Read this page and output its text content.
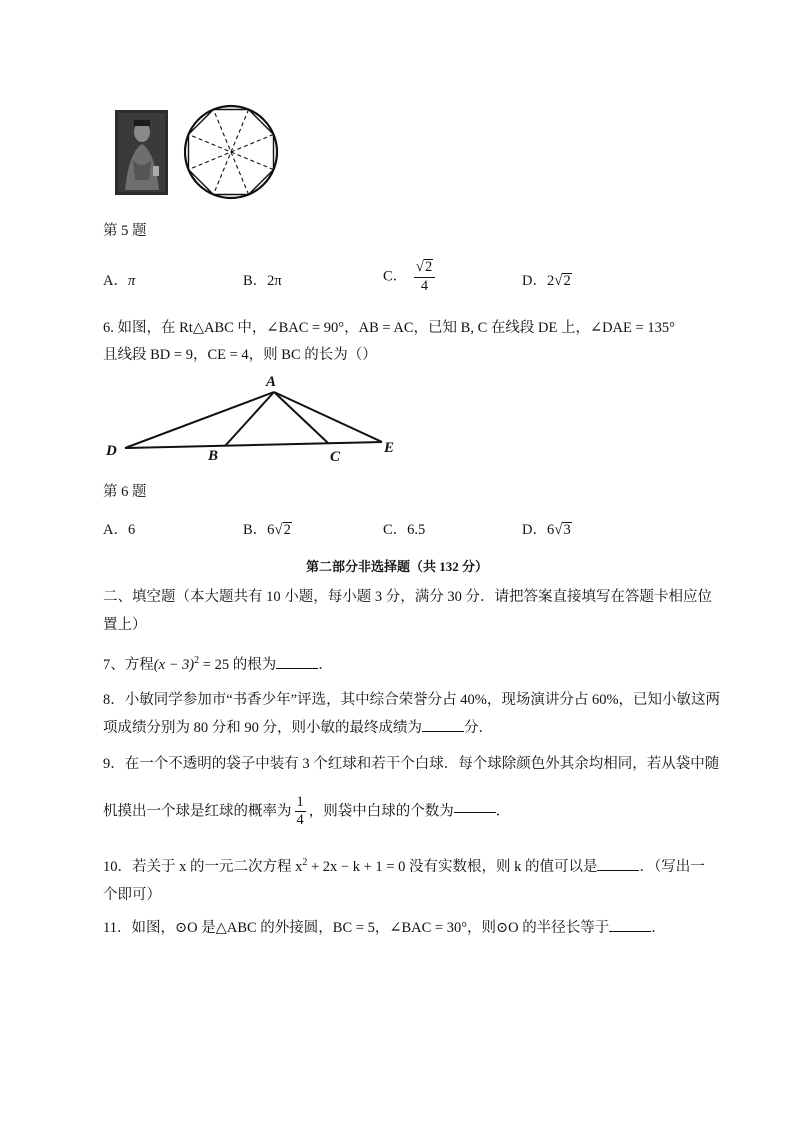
第 5 题
A．π	B．2π	C． $\frac{√2}{4}$	D．2√2
6. 如图，在 Rt△ABC 中，∠BAC = 90°，AB = AC，已知 B, C 在线段 DE 上，∠DAE = 135°
且线段 BD = 9，CE = 4，则 BC 的长为（）
A
D	B	C
E
第 6 题
A．6	B．6√2	C．6.5	D．6√3
第二部分非选择题（共 132 分）
二、填空题（本大题共有 10 小题，每小题 3 分，满分 30 分．请把答案直接填写在答题卡相应位
置上）
7、方程$(x - 3)^2 = 25$ 的根为	．
8．小敏同学参加市“书香少年”评选，其中综合荣誉分占 40%，现场演讲分占 60%，已知小敏这两
项成绩分别为 80 分和 90 分，则小敏的最终成绩为	分．
9．在一个不透明的袋子中装有 3 个红球和若干个白球．每个球除颜色外其余均相同，若从袋中随
机摸出一个球是红球的概率为 $\frac{1}{4}$ ，则袋中白球的个数为	．
10．若关于 x 的一元二次方程 $x^2 + 2x - k + 1 = 0$ 没有实数根，则 k 的值可以是	．（写出一
个即可）
11．如图，⊙O 是△ABC 的外接圆，BC = 5，∠BAC = 30°，则⊙O 的半径长等于	．
